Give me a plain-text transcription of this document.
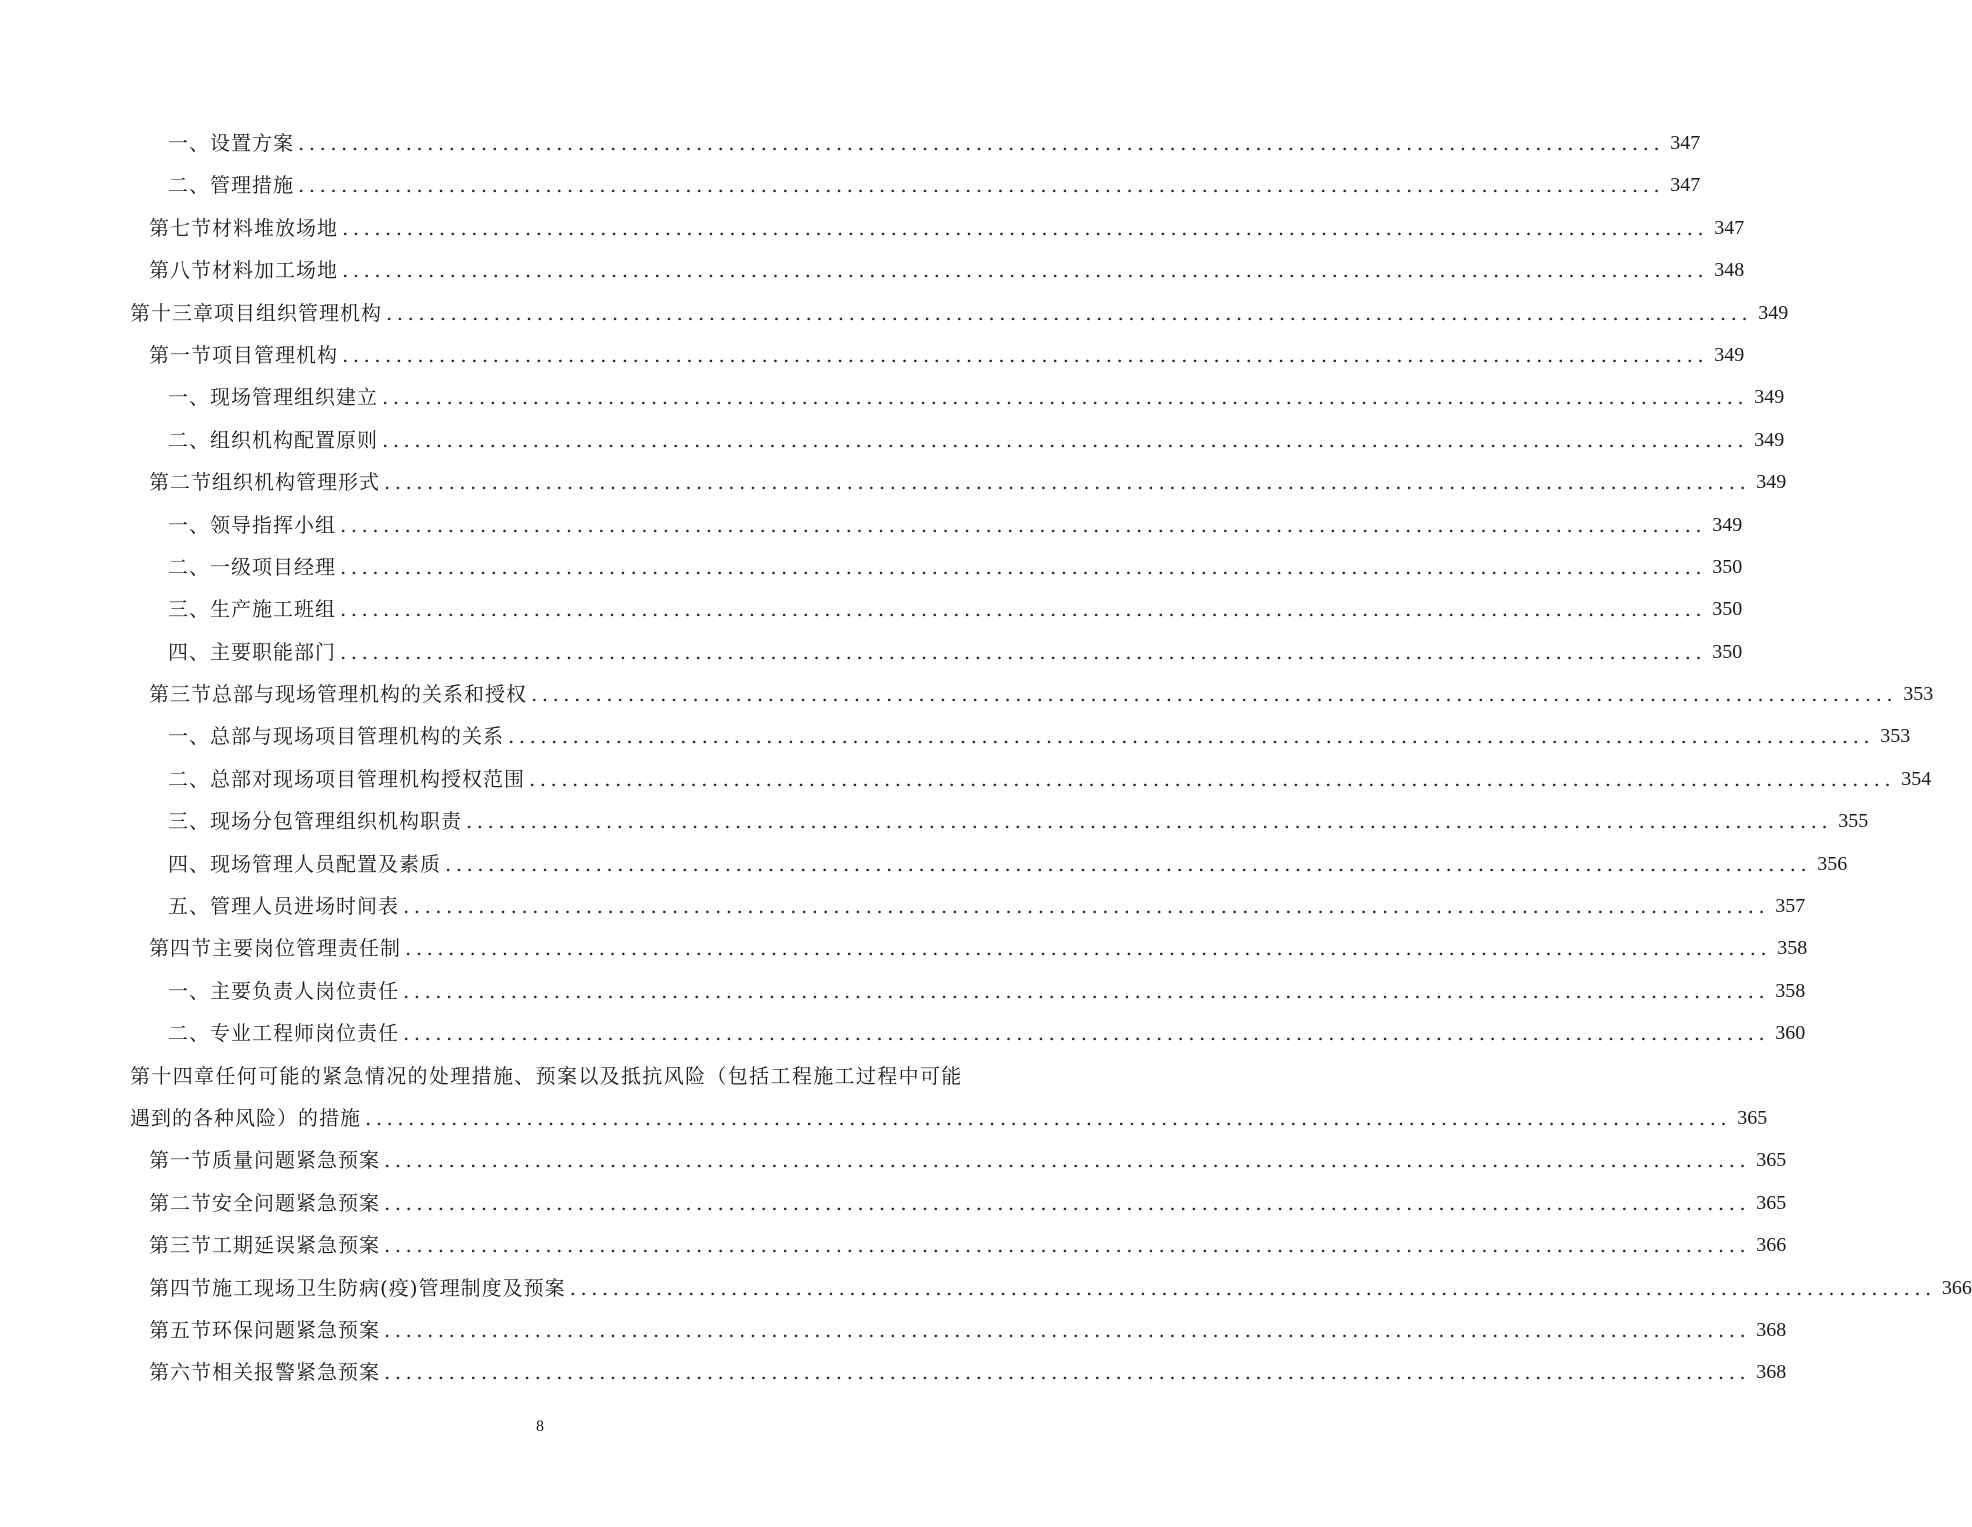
一、设置方案 ............................................................................................................................... 347
二、管理措施 ............................................................................................................................... 347
第七节材料堆放场地 ............................................................................................................................... 347
第八节材料加工场地 ............................................................................................................................... 348
第十三章项目组织管理机构 ............................................................................................................................... 349
第一节项目管理机构 ............................................................................................................................... 349
一、现场管理组织建立 ............................................................................................................................... 349
二、组织机构配置原则 ............................................................................................................................... 349
第二节组织机构管理形式 ............................................................................................................................... 349
一、领导指挥小组 ............................................................................................................................... 349
二、一级项目经理 ............................................................................................................................... 350
三、生产施工班组 ............................................................................................................................... 350
四、主要职能部门 ............................................................................................................................... 350
第三节总部与现场管理机构的关系和授权 ............................................................................................................................... 353
一、总部与现场项目管理机构的关系 ............................................................................................................................... 353
二、总部对现场项目管理机构授权范围 ............................................................................................................................... 354
三、现场分包管理组织机构职责 ............................................................................................................................... 355
四、现场管理人员配置及素质 ............................................................................................................................... 356
五、管理人员进场时间表 ............................................................................................................................... 357
第四节主要岗位管理责任制 ............................................................................................................................... 358
一、主要负责人岗位责任 ............................................................................................................................... 358
二、专业工程师岗位责任 ............................................................................................................................... 360
第十四章任何可能的紧急情况的处理措施、预案以及抵抗风险（包括工程施工过程中可能
遇到的各种风险）的措施 ............................................................................................................................... 365
第一节质量问题紧急预案 ............................................................................................................................... 365
第二节安全问题紧急预案 ............................................................................................................................... 365
第三节工期延误紧急预案 ............................................................................................................................... 366
第四节施工现场卫生防病(疫)管理制度及预案 ............................................................................................................................... 366
第五节环保问题紧急预案 ............................................................................................................................... 368
第六节相关报警紧急预案 ............................................................................................................................... 368
8
